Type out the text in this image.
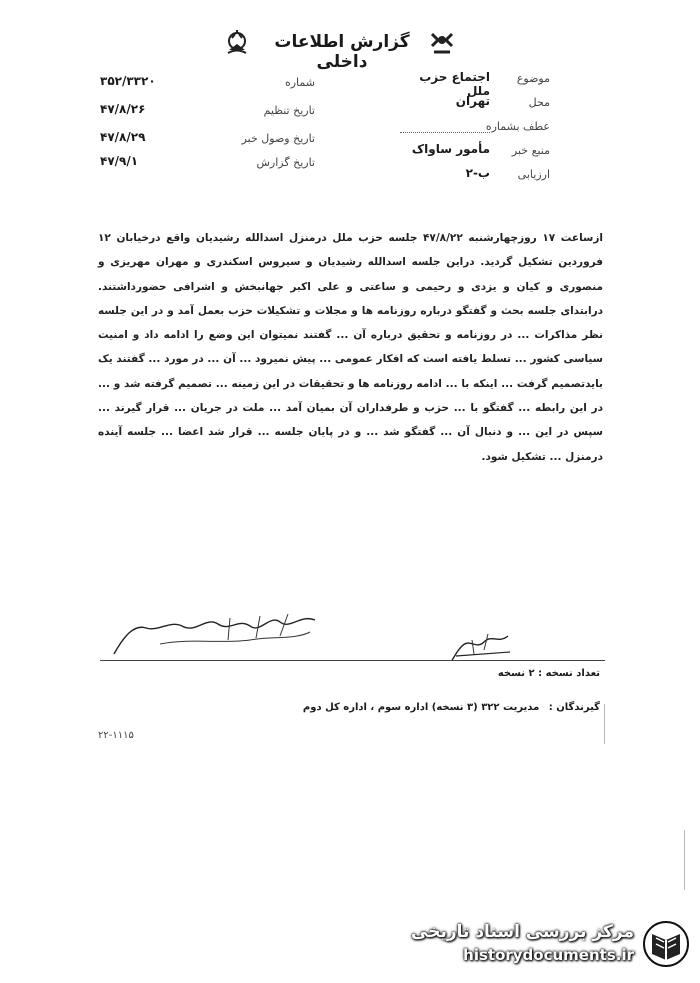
گزارش اطلاعات داخلی
شماره
۳۵۲/۳۳۲۰
تاریخ تنظیم
۴۷/۸/۲۶
تاریخ وصول خبر
۴۷/۸/۲۹
تاریخ گزارش
۴۷/۹/۱
موضوع
اجتماع حزب ملل
محل
تهران
عطف بشماره
منبع خبر
مأمور ساواک
ارزیابی
ب-۲

ازساعت ۱۷ روزچهارشنبه ۴۷/۸/۲۲ جلسه حزب ملل درمنزل اسدالله رشیدیان واقع درخیابان ۱۲ فروردین تشکیل گردید. دراین جلسه اسدالله رشیدیان و سیروس اسکندری و مهران مهریزی و منصوری و کیان و یزدی و رحیمی و ساعتی و علی اکبر جهانبخش و اشرافی حضورداشتند. درابتدای جلسه بحث و گفتگو درباره روزنامه ها و مجلات و تشکیلات حزب بعمل آمد و در این جلسه نظر مذاکرات ... در روزنامه و تحقیق درباره آن ... گفتند نمیتوان این وضع را ادامه داد و امنیت سیاسی کشور ... تسلط یافته است که افکار عمومی ... پیش نمیرود ... آن ... در مورد ... گفتند یک بایدتصمیم گرفت ... اینکه با ... ادامه روزنامه ها و تحقیقات در این زمینه ... تصمیم گرفته شد و ... در این رابطه ... گفتگو با ... حزب و طرفداران آن بمیان آمد ... ملت در جریان ... قرار گیرند ... سپس در این ... و دنبال آن ... گفتگو شد ... و در پایان جلسه ... قرار شد اعضا ... جلسه آینده درمنزل ... تشکیل شود.

تعداد نسخه : ۲ نسخه
گیرندگان : مدیریت ۳۲۲ (۳ نسخه) اداره سوم ، اداره کل دوم
۲۲-۱۱۱۵
مرکز بررسی اسناد تاریخی
historydocuments.ir
